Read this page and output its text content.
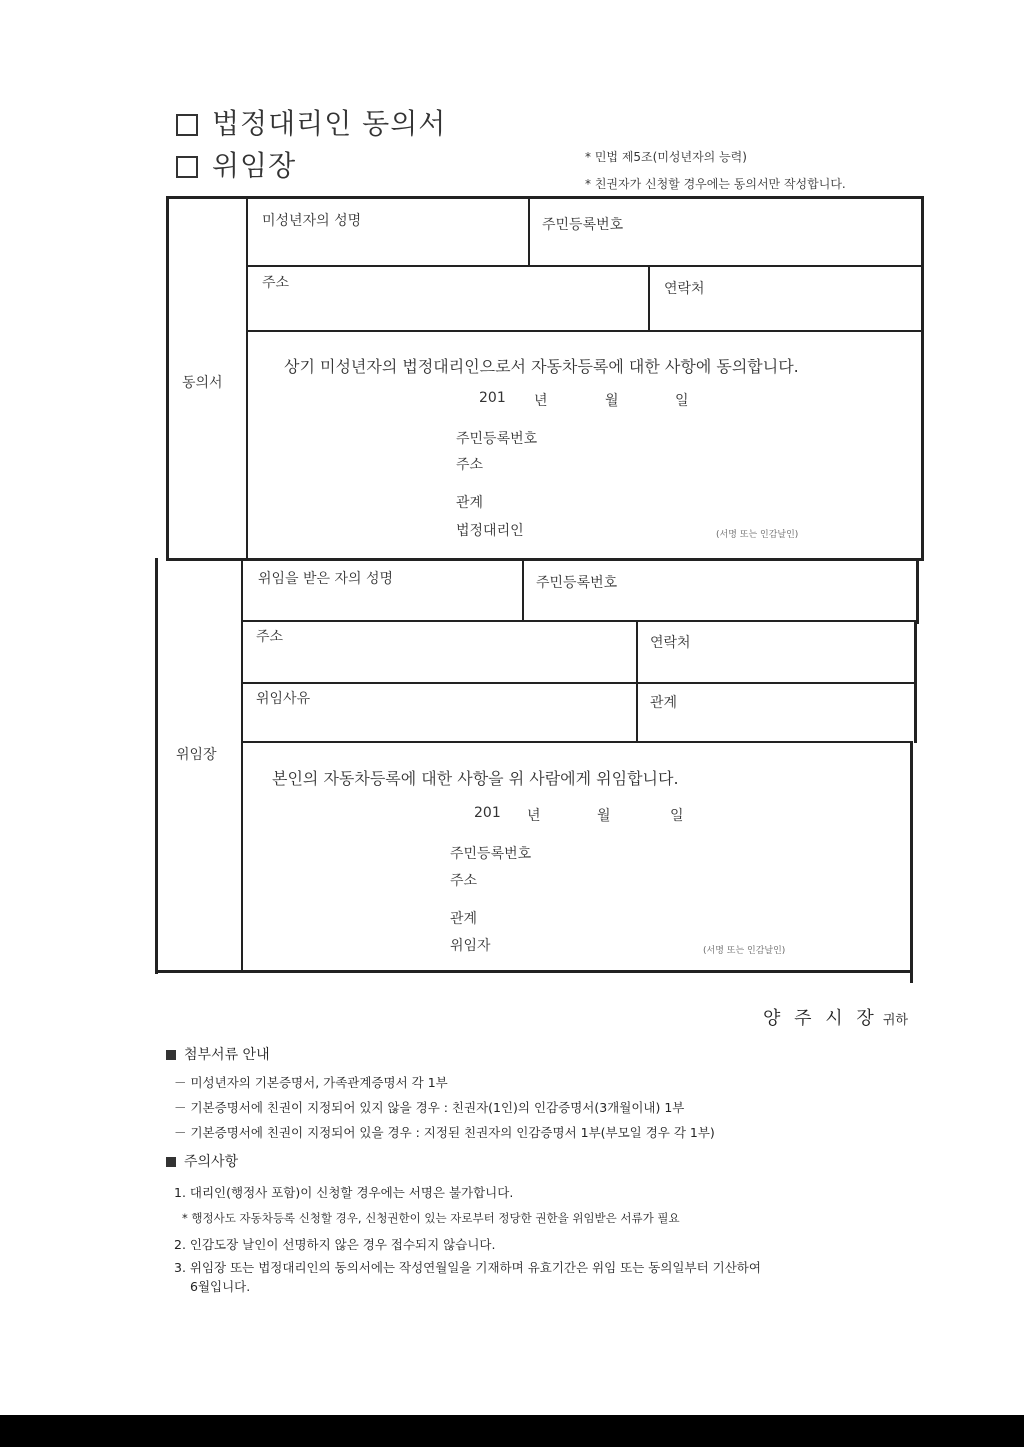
법정대리인 동의서
위임장	* 민법 제5조(미성년자의 능력)
* 친권자가 신청할 경우에는 동의서만 작성합니다.
동의서
미성년자의 성명	주민등록번호
주소	연락처
상기 미성년자의 법정대리인으로서 자동차등록에 대한 사항에 동의합니다.
201 년	월	일
주민등록번호
주소
관계
법정대리인	(서명 또는 인감날인)
위임장
위임을 받은 자의 성명	주민등록번호
주소	연락처
위임사유	관계
본인의 자동차등록에 대한 사항을 위 사람에게 위임합니다.
201 년	월	일
주민등록번호
주소
관계
위임자	(서명 또는 인감날인)
양 주 시 장 귀하
첨부서류 안내
－ 미성년자의 기본증명서, 가족관계증명서 각 1부
－ 기본증명서에 친권이 지정되어 있지 않을 경우 : 친권자(1인)의 인감증명서(3개월이내) 1부
－ 기본증명서에 친권이 지정되어 있을 경우 : 지정된 친권자의 인감증명서 1부(부모일 경우 각 1부)
주의사항
1. 대리인(행정사 포함)이 신청할 경우에는 서명은 불가합니다.
* 행정사도 자동차등록 신청할 경우, 신청권한이 있는 자로부터 정당한 권한을 위임받은 서류가 필요
2. 인감도장 날인이 선명하지 않은 경우 접수되지 않습니다.
3. 위임장 또는 법정대리인의 동의서에는 작성연월일을 기재하며 유효기간은 위임 또는 동의일부터 기산하여
6월입니다.
